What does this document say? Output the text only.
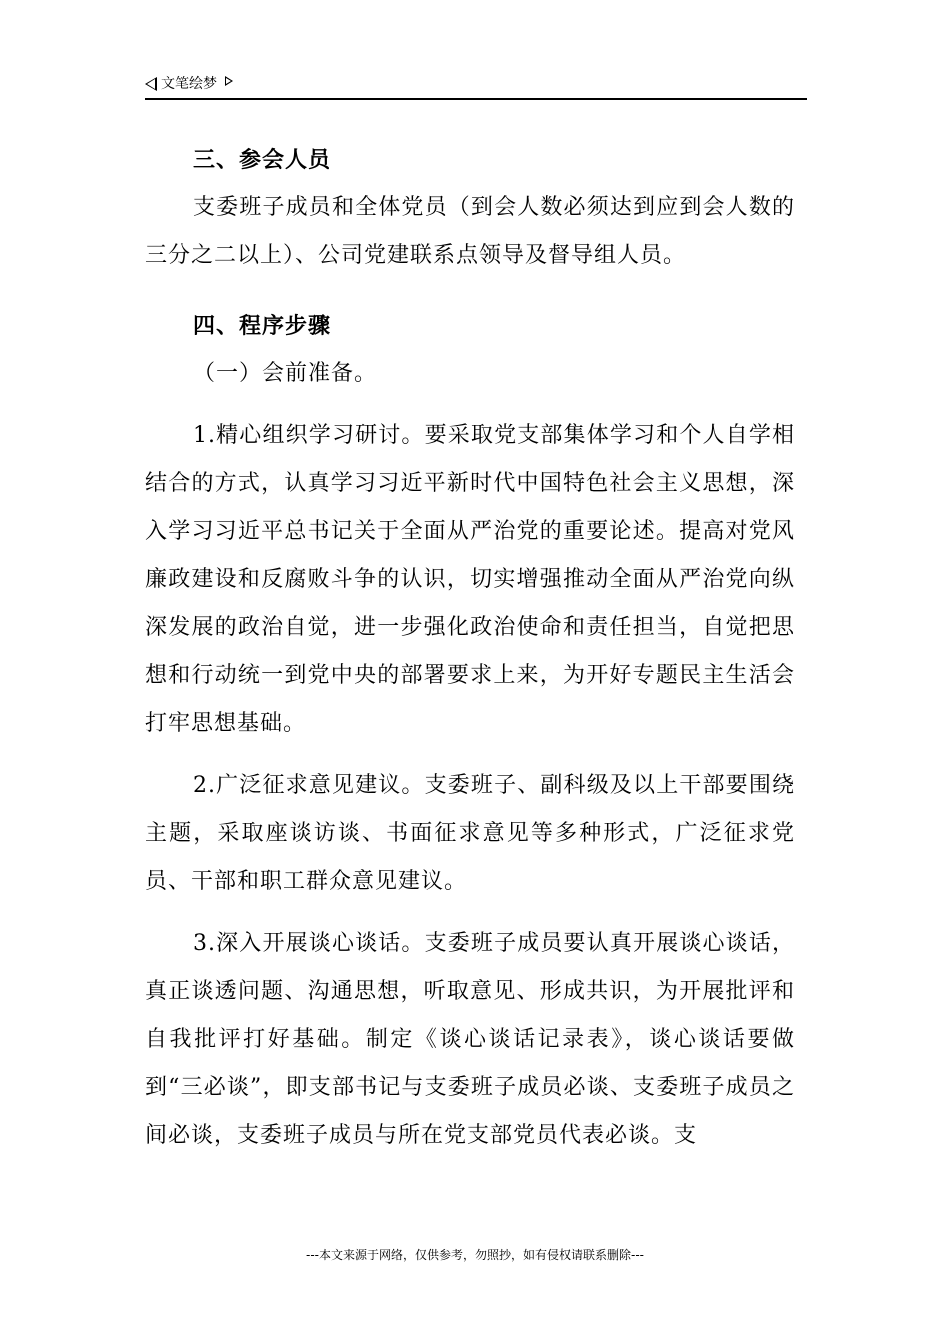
文笔绘梦
三、参会人员

支委班子成员和全体党员（到会人数必须达到应到会人数的三分之二以上）、公司党建联系点领导及督导组人员。

四、程序步骤

（一）会前准备。

1.精心组织学习研讨。要采取党支部集体学习和个人自学相结合的方式，认真学习习近平新时代中国特色社会主义思想，深入学习习近平总书记关于全面从严治党的重要论述。提高对党风廉政建设和反腐败斗争的认识，切实增强推动全面从严治党向纵深发展的政治自觉，进一步强化政治使命和责任担当，自觉把思想和行动统一到党中央的部署要求上来，为开好专题民主生活会打牢思想基础。

2.广泛征求意见建议。支委班子、副科级及以上干部要围绕主题，采取座谈访谈、书面征求意见等多种形式，广泛征求党员、干部和职工群众意见建议。

3.深入开展谈心谈话。支委班子成员要认真开展谈心谈话，真正谈透问题、沟通思想，听取意见、形成共识，为开展批评和自我批评打好基础。制定《谈心谈话记录表》，谈心谈话要做到“三必谈”，即支部书记与支委班子成员必谈、支委班子成员之间必谈，支委班子成员与所在党支部党员代表必谈。支

---本文来源于网络，仅供参考，勿照抄，如有侵权请联系删除---
